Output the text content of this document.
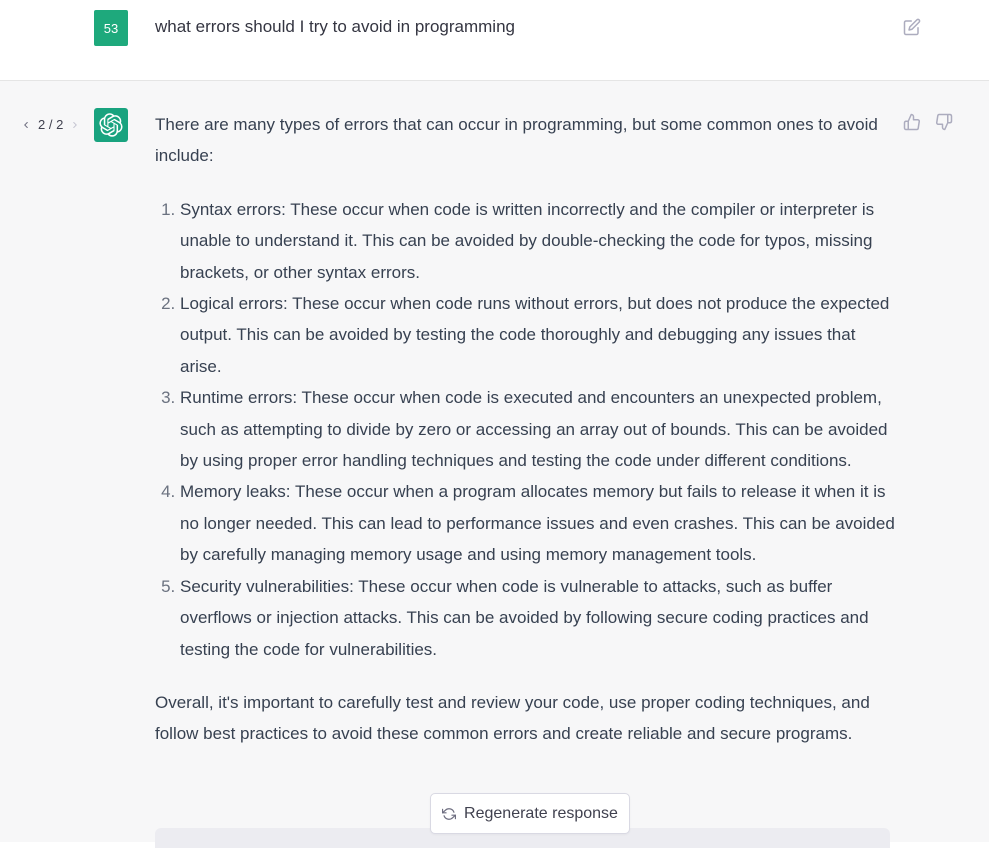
53 what errors should I try to avoid in programming
2 / 2	There are many types of errors that can occur in programming, but some common ones to avoid include:

1. Syntax errors: These occur when code is written incorrectly and the compiler or interpreter is unable to understand it. This can be avoided by double-checking the code for typos, missing brackets, or other syntax errors.
2. Logical errors: These occur when code runs without errors, but does not produce the expected output. This can be avoided by testing the code thoroughly and debugging any issues that arise.
3. Runtime errors: These occur when code is executed and encounters an unexpected problem, such as attempting to divide by zero or accessing an array out of bounds. This can be avoided by using proper error handling techniques and testing the code under different conditions.
4. Memory leaks: These occur when a program allocates memory but fails to release it when it is no longer needed. This can lead to performance issues and even crashes. This can be avoided by carefully managing memory usage and using memory management tools.
5. Security vulnerabilities: These occur when code is vulnerable to attacks, such as buffer overflows or injection attacks. This can be avoided by following secure coding practices and testing the code for vulnerabilities.

Overall, it's important to carefully test and review your code, use proper coding techniques, and follow best practices to avoid these common errors and create reliable and secure programs.

Regenerate response
